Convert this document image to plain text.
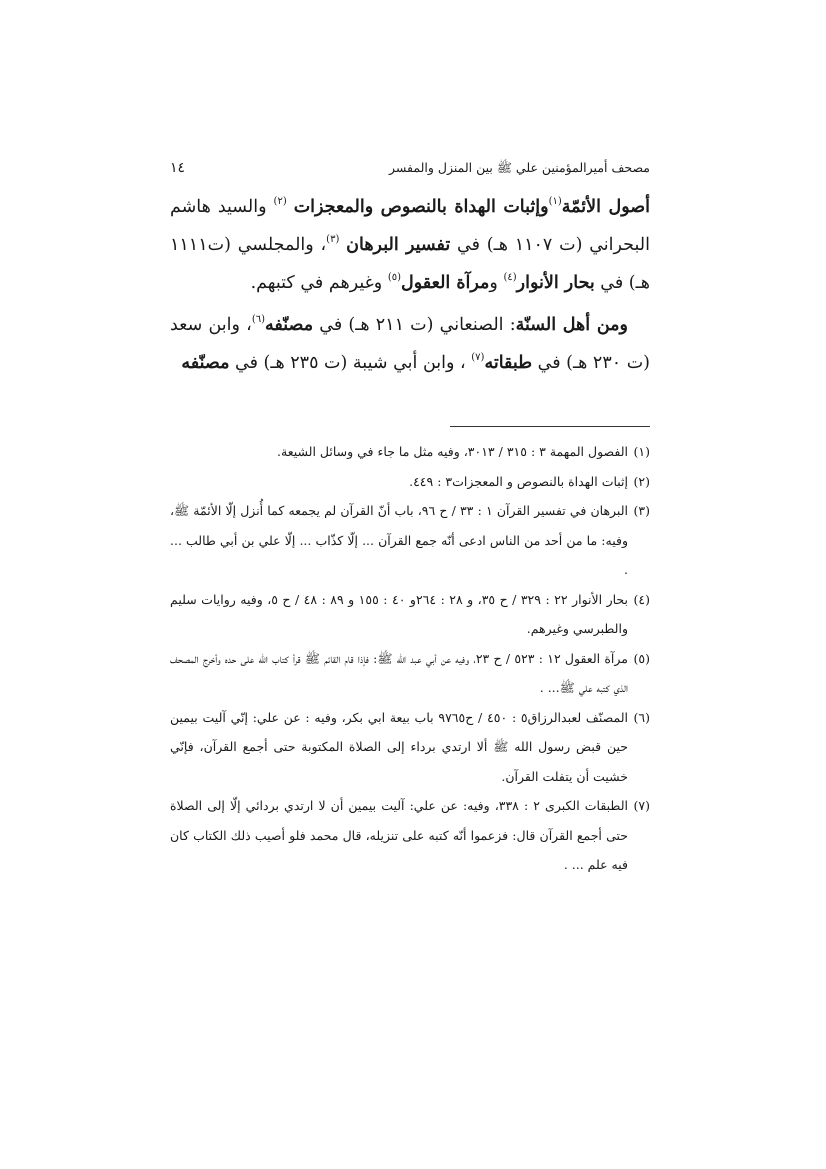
مصحف أميرالمؤمنين علي ﷺ بين المنزل والمفسر
١٤

أصول الأئمّة$^{(١)}$وإثبات الهداة بالنصوص والمعجزات $^{(٢)}$ والسيد هاشم البحراني (ت ١١٠٧ هـ) في تفسير البرهان $^{(٣)}$، والمجلسي (ت١١١١ هـ) في بحار الأنوار$^{(٤)}$ ومرآة العقول$^{(٥)}$ وغيرهم في كتبهم.

ومن أهل السنّة: الصنعاني (ت ٢١١ هـ) في مصنّفه$^{(٦)}$، وابن سعد (ت ٢٣٠ هـ) في طبقاته$^{(٧)}$ ، وابن أبي شيبة (ت ٢٣٥ هـ) في مصنّفه

(١)
الفصول المهمة ٣ : ٣١٥ / ٣٠١٣، وفيه مثل ما جاء في وسائل الشيعة.
(٢)
إثبات الهداة بالنصوص و المعجزات٣ : ٤٤٩.
(٣)
البرهان في تفسير القرآن ١ : ٣٣ / ح ٩٦، باب أنّ القرآن لم يجمعه كما أُنزل إلّا الأئمّة ﷺ، وفيه: ما من أحد من الناس ادعى أنّه جمع القرآن ... إلّا كذّاب ... إلّا علي بن أبي طالب ... .
(٤)
بحار الأنوار ٢٢ : ٣٢٩ / ح ٣٥، و ٢٨ : ٢٦٤و ٤٠ : ١٥٥ و ٨٩ : ٤٨ / ح ٥، وفيه روايات سليم والطبرسي وغيرهم.
(٥)
مرآة العقول ١٢ : ٥٢٣ / ح ٢٣، وفيه عن أبي عبد الله ﷺ: فإذا قام القائم ﷺ قرأ كتاب الله على حده وأخرج المصحف الذي كتبه علي ﷺ... .
(٦)
المصنّف لعبدالرزاق٥ : ٤٥٠ / ح٩٧٦٥ باب بيعة ابي بكر، وفيه : عن علي: إنّي آليت بيمين حين قبض رسول الله ﷺ ألا ارتدي برداء إلى الصلاة المكتوبة حتى أجمع القرآن، فإنّي خشيت أن يتفلت القرآن.
(٧)
الطبقات الكبرى ٢ : ٣٣٨، وفيه: عن علي: آليت بيمين أن لا ارتدي بردائي إلّا إلى الصلاة حتى أجمع القرآن قال: فزعموا أنّه كتبه على تنزيله، قال محمد فلو أصيب ذلك الكتاب كان فيه علم ... .
